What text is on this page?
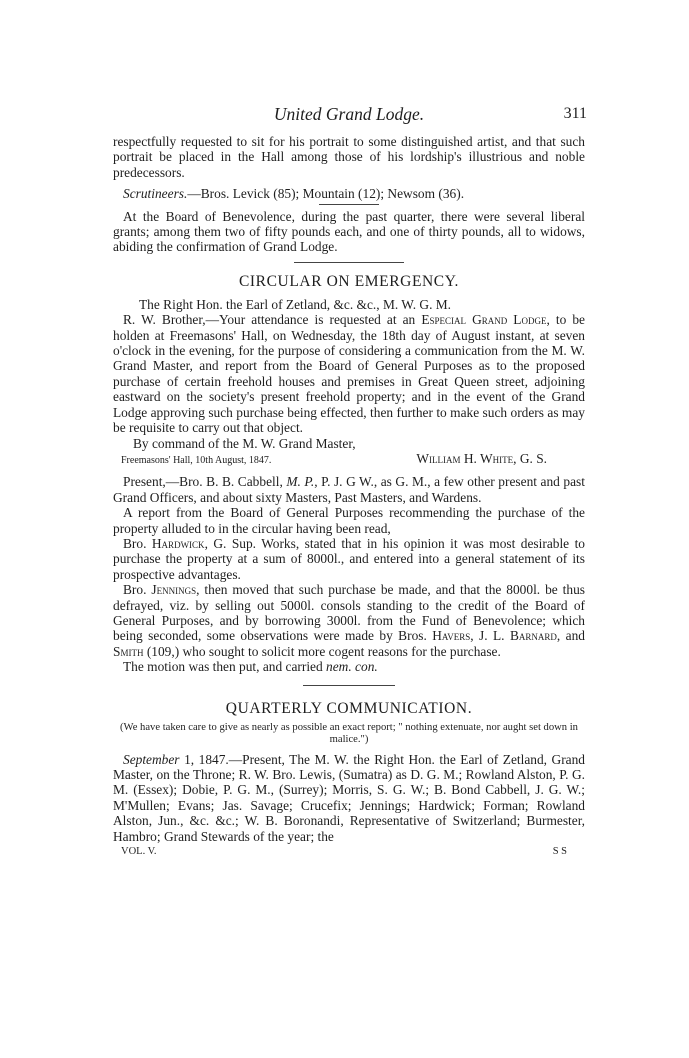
United Grand Lodge.	311

respectfully requested to sit for his portrait to some distinguished artist, and that such portrait be placed in the Hall among those of his lordship's illustrious and noble predecessors.

Scrutineers.—Bros. Levick (85); Mountain (12); Newsom (36).

At the Board of Benevolence, during the past quarter, there were several liberal grants; among them two of fifty pounds each, and one of thirty pounds, all to widows, abiding the confirmation of Grand Lodge.

CIRCULAR ON EMERGENCY.

The Right Hon. the Earl of Zetland, &c. &c., M. W. G. M.

R. W. Brother,—Your attendance is requested at an Especial Grand Lodge, to be holden at Freemasons' Hall, on Wednesday, the 18th day of August instant, at seven o'clock in the evening, for the purpose of considering a communication from the M. W. Grand Master, and report from the Board of General Purposes as to the proposed purchase of certain freehold houses and premises in Great Queen street, adjoining eastward on the society's present freehold property; and in the event of the Grand Lodge approving such purchase being effected, then further to make such orders as may be requisite to carry out that object.

By command of the M. W. Grand Master,

Freemasons' Hall, 10th August, 1847.	William H. White, G. S.

Present,—Bro. B. B. Cabbell, M. P., P. J. G W., as G. M., a few other present and past Grand Officers, and about sixty Masters, Past Masters, and Wardens.

A report from the Board of General Purposes recommending the purchase of the property alluded to in the circular having been read,

Bro. Hardwick, G. Sup. Works, stated that in his opinion it was most desirable to purchase the property at a sum of 8000l., and entered into a general statement of its prospective advantages.

Bro. Jennings, then moved that such purchase be made, and that the 8000l. be thus defrayed, viz. by selling out 5000l. consols standing to the credit of the Board of General Purposes, and by borrowing 3000l. from the Fund of Benevolence; which being seconded, some observations were made by Bros. Havers, J. L. Barnard, and Smith (109,) who sought to solicit more cogent reasons for the purchase.

The motion was then put, and carried nem. con.

QUARTERLY COMMUNICATION.
(We have taken care to give as nearly as possible an exact report; " nothing extenuate, nor aught set down in malice.")

September 1, 1847.—Present, The M. W. the Right Hon. the Earl of Zetland, Grand Master, on the Throne; R. W. Bro. Lewis, (Sumatra) as D. G. M.; Rowland Alston, P. G. M. (Essex); Dobie, P. G. M., (Surrey); Morris, S. G. W.; B. Bond Cabbell, J. G. W.; M'Mullen; Evans; Jas. Savage; Crucefix; Jennings; Hardwick; Forman; Rowland Alston, Jun., &c. &c.; W. B. Boronandi, Representative of Switzerland; Burmester, Hambro; Grand Stewards of the year; the

VOL. V.	S S
